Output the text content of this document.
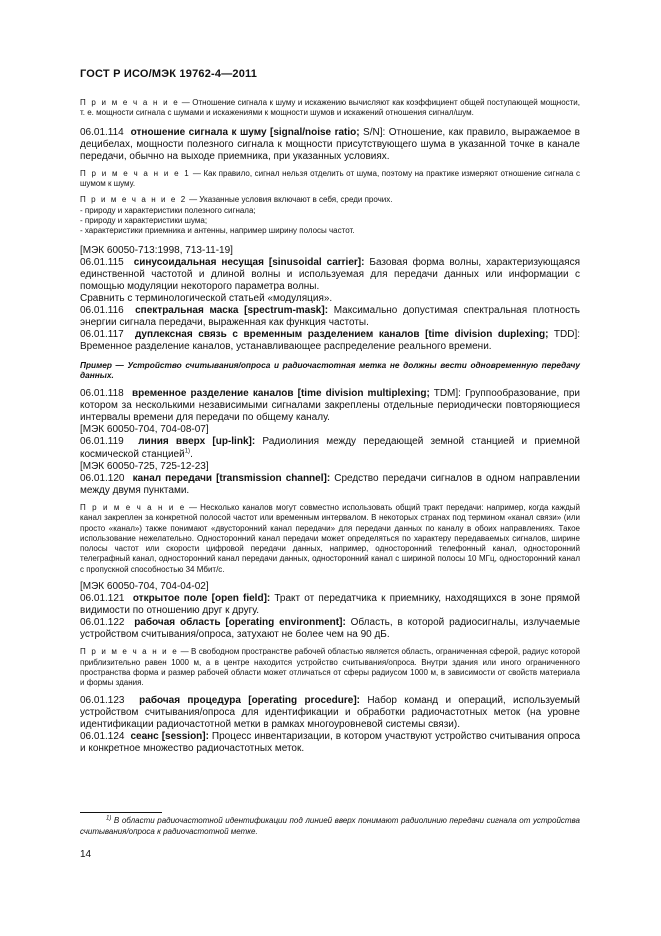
ГОСТ Р ИСО/МЭК 19762-4—2011

П р и м е ч а н и е — Отношение сигнала к шуму и искажению вычисляют как коэффициент общей поступающей мощности, т. е. мощности сигнала с шумами и искажениями к мощности шумов и искажений отношения сигнал/шум.

06.01.114 отношение сигнала к шуму [signal/noise ratio; S/N]: Отношение, как правило, выражаемое в децибелах, мощности полезного сигнала к мощности присутствующего шума в указанной точке в канале передачи, обычно на выходе приемника, при указанных условиях.

П р и м е ч а н и е 1 — Как правило, сигнал нельзя отделить от шума, поэтому на практике измеряют отношение сигнала с шумом к шуму.

П р и м е ч а н и е 2 — Указанные условия включают в себя, среди прочих.

- природу и характеристики полезного сигнала;

- природу и характеристики шума;

- характеристики приемника и антенны, например ширину полосы частот.

[МЭК 60050-713:1998, 713-11-19]

06.01.115 синусоидальная несущая [sinusoidal carrier]: Базовая форма волны, характеризующаяся единственной частотой и длиной волны и используемая для передачи данных или информации с помощью модуляции некоторого параметра волны.

Сравнить с терминологической статьей «модуляция».

06.01.116 спектральная маска [spectrum-mask]: Максимально допустимая спектральная плотность энергии сигнала передачи, выраженная как функция частоты.

06.01.117 дуплексная связь с временным разделением каналов [time division duplexing; TDD]: Временное разделение каналов, устанавливающее распределение реального времени.

Пример — Устройство считывания/опроса и радиочастотная метка не должны вести одновременную передачу данных.

06.01.118 временное разделение каналов [time division multiplexing; TDM]: Группообразование, при котором за несколькими независимыми сигналами закреплены отдельные периодически повторяющиеся интервалы времени для передачи по общему каналу.

[МЭК 60050-704, 704-08-07]

06.01.119 линия вверх [up-link]: Радиолиния между передающей земной станцией и приемной космической станцией$^{1)}$.

[МЭК 60050-725, 725-12-23]

06.01.120 канал передачи [transmission channel]: Средство передачи сигналов в одном направлении между двумя пунктами.

П р и м е ч а н и е — Несколько каналов могут совместно использовать общий тракт передачи: например, когда каждый канал закреплен за конкретной полосой частот или временным интервалом. В некоторых странах под термином «канал связи» (или просто «канал») также понимают «двусторонний канал передачи» для передачи данных по каналу в обоих направлениях. Такое использование нежелательно. Односторонний канал передачи может определяться по характеру передаваемых сигналов, ширине полосы частот или скорости цифровой передачи данных, например, односторонний телефонный канал, односторонний телеграфный канал, односторонний канал передачи данных, односторонний канал с шириной полосы 10 МГц, односторонний канал с пропускной способностью 34 Мбит/с.

[МЭК 60050-704, 704-04-02]

06.01.121 открытое поле [open field]: Тракт от передатчика к приемнику, находящихся в зоне прямой видимости по отношению друг к другу.

06.01.122 рабочая область [operating environment]: Область, в которой радиосигналы, излучаемые устройством считывания/опроса, затухают не более чем на 90 дБ.

П р и м е ч а н и е — В свободном пространстве рабочей областью является область, ограниченная сферой, радиус которой приблизительно равен 1000 м, а в центре находится устройство считывания/опроса. Внутри здания или иного ограниченного пространства форма и размер рабочей области может отличаться от сферы радиусом 1000 м, в зависимости от свойств материала и формы здания.

06.01.123 рабочая процедура [operating procedure]: Набор команд и операций, используемый устройством считывания/опроса для идентификации и обработки радиочастотных меток (на уровне идентификации радиочастотной метки в рамках многоуровневой системы связи).

06.01.124 сеанс [session]: Процесс инвентаризации, в котором участвуют устройство считывания опроса и конкретное множество радиочастотных меток.

$^{1)}$ В области радиочастотной идентификации под линией вверх понимают радиолинию передачи сигнала от устройства считывания/опроса к радиочастотной метке.

14
